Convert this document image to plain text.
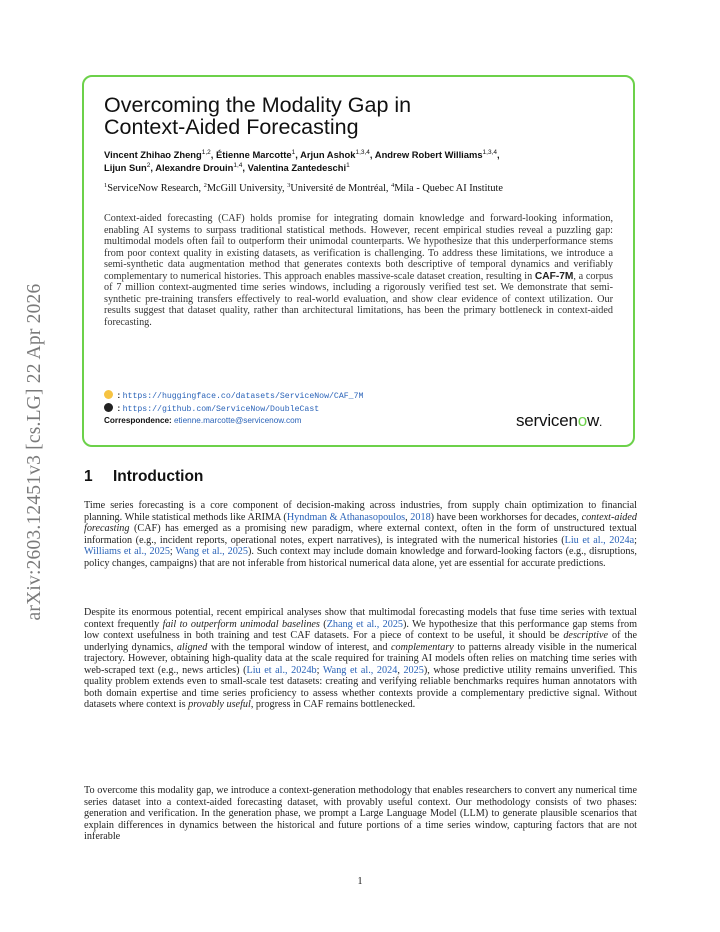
arXiv:2603.12451v3 [cs.LG] 22 Apr 2026
Overcoming the Modality Gap in
Context-Aided Forecasting
Vincent Zhihao Zheng$^{1,2}$, Étienne Marcotte$^1$, Arjun Ashok$^{1,3,4}$, Andrew Robert Williams$^{1,3,4}$,
Lijun Sun$^2$, Alexandre Drouin$^{1,4}$, Valentina Zantedeschi$^1$
$^1$ServiceNow Research, $^2$McGill University, $^3$Université de Montréal, $^4$Mila - Quebec AI Institute
Context-aided forecasting (CAF) holds promise for integrating domain knowledge and forward-looking information, enabling AI systems to surpass traditional statistical methods. However, recent empirical studies reveal a puzzling gap: multimodal models often fail to outperform their unimodal counterparts. We hypothesize that this underperformance stems from poor context quality in existing datasets, as verification is challenging. To address these limitations, we introduce a semi-synthetic data augmentation method that generates contexts both descriptive of temporal dynamics and verifiably complementary to numerical histories. This approach enables massive-scale dataset creation, resulting in CAF-7M, a corpus of 7 million context-augmented time series windows, including a rigorously verified test set. We demonstrate that semi-synthetic pre-training transfers effectively to real-world evaluation, and show clear evidence of context utilization. Our results suggest that dataset quality, rather than architectural limitations, has been the primary bottleneck in context-aided forecasting.
: https://huggingface.co/datasets/ServiceNow/CAF_7M
: https://github.com/ServiceNow/DoubleCast
Correspondence: etienne.marcotte@servicenow.com	servicenow.
1 Introduction
Time series forecasting is a core component of decision-making across industries, from supply chain optimization to financial planning. While statistical methods like ARIMA (Hyndman & Athanasopoulos, 2018) have been workhorses for decades, context-aided forecasting (CAF) has emerged as a promising new paradigm, where external context, often in the form of unstructured textual information (e.g., incident reports, operational notes, expert narratives), is integrated with the numerical histories (Liu et al., 2024a; Williams et al., 2025; Wang et al., 2025). Such context may include domain knowledge and forward-looking factors (e.g., disruptions, policy changes, campaigns) that are not inferable from historical numerical data alone, yet are essential for accurate predictions.
Despite its enormous potential, recent empirical analyses show that multimodal forecasting models that fuse time series with textual context frequently fail to outperform unimodal baselines (Zhang et al., 2025). We hypothesize that this performance gap stems from low context usefulness in both training and test CAF datasets. For a piece of context to be useful, it should be descriptive of the underlying dynamics, aligned with the temporal window of interest, and complementary to patterns already visible in the numerical trajectory. However, obtaining high-quality data at the scale required for training AI models often relies on matching time series with web-scraped text (e.g., news articles) (Liu et al., 2024b; Wang et al., 2024, 2025), whose predictive utility remains unverified. This quality problem extends even to small-scale test datasets: creating and verifying reliable benchmarks requires human annotators with both domain expertise and time series proficiency to assess whether contexts provide a complementary predictive signal. Without datasets where context is provably useful, progress in CAF remains bottlenecked.
To overcome this modality gap, we introduce a context-generation methodology that enables researchers to convert any numerical time series dataset into a context-aided forecasting dataset, with provably useful context. Our methodology consists of two phases: generation and verification. In the generation phase, we prompt a Large Language Model (LLM) to generate plausible scenarios that explain differences in dynamics between the historical and future portions of a time series window, capturing factors that are not inferable
1
